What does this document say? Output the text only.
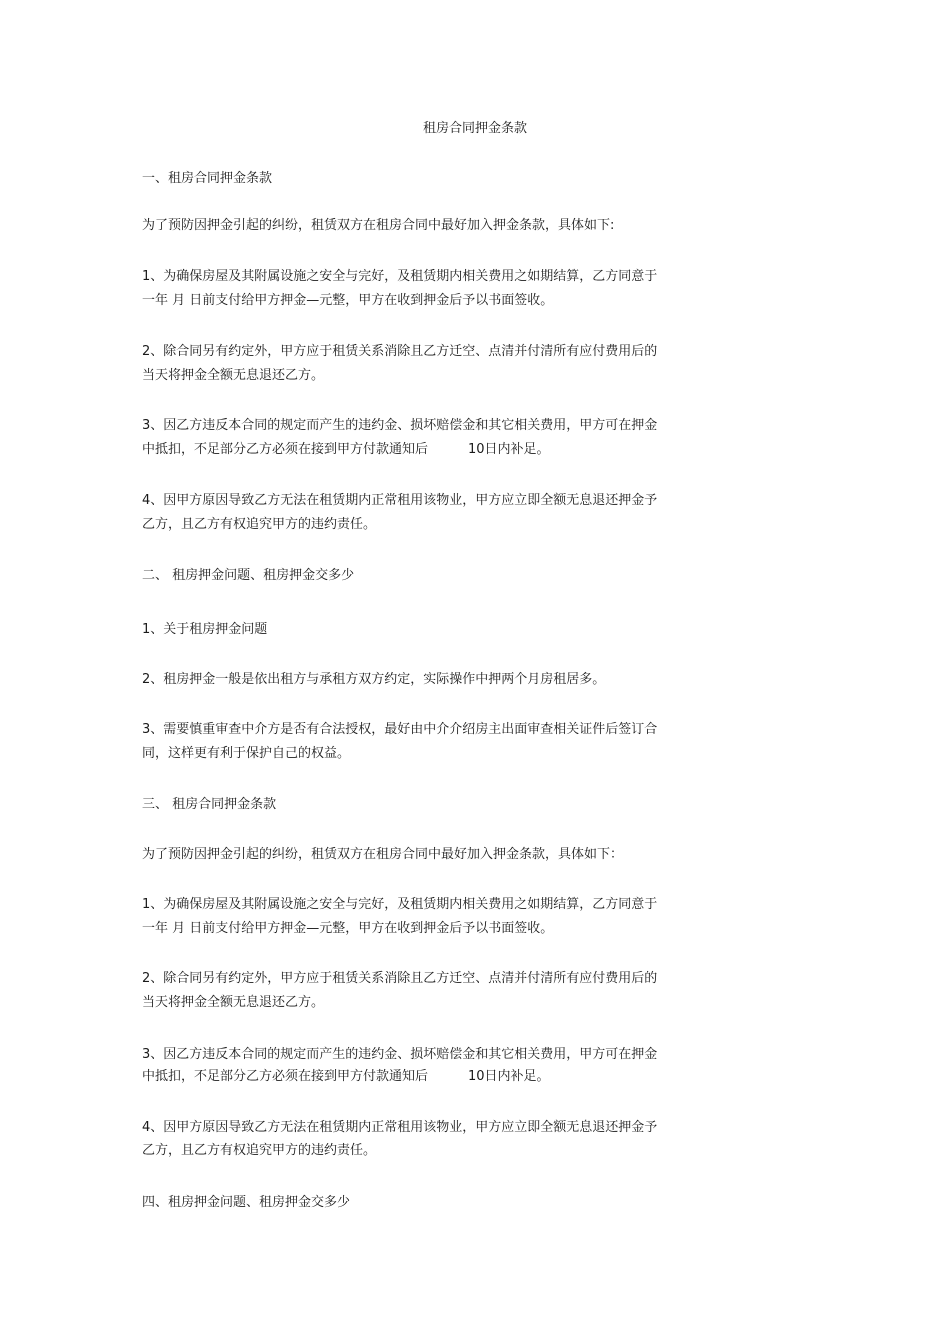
租房合同押金条款
一、租房合同押金条款
为了预防因押金引起的纠纷，租赁双方在租房合同中最好加入押金条款，具体如下:
1、为确保房屋及其附属设施之安全与完好，及租赁期内相关费用之如期结算，乙方同意于
一年 月 日前支付给甲方押金—元整，甲方在收到押金后予以书面签收。
2、除合同另有约定外，甲方应于租赁关系消除且乙方迁空、点清并付清所有应付费用后的
当天将押金全额无息退还乙方。
3、因乙方违反本合同的规定而产生的违约金、损坏赔偿金和其它相关费用，甲方可在押金
中抵扣，不足部分乙方必须在接到甲方付款通知后	10日内补足。
4、因甲方原因导致乙方无法在租赁期内正常租用该物业，甲方应立即全额无息退还押金予
乙方，且乙方有权追究甲方的违约责任。
二、 租房押金问题、租房押金交多少
1、关于租房押金问题
2、租房押金一般是依出租方与承租方双方约定，实际操作中押两个月房租居多。
3、需要慎重审查中介方是否有合法授权，最好由中介介绍房主出面审查相关证件后签订合
同，这样更有利于保护自己的权益。
三、 租房合同押金条款
为了预防因押金引起的纠纷，租赁双方在租房合同中最好加入押金条款，具体如下：
1、为确保房屋及其附属设施之安全与完好，及租赁期内相关费用之如期结算，乙方同意于
一年 月 日前支付给甲方押金—元整，甲方在收到押金后予以书面签收。
2、除合同另有约定外，甲方应于租赁关系消除且乙方迁空、点清并付清所有应付费用后的
当天将押金全额无息退还乙方。
3、因乙方违反本合同的规定而产生的违约金、损坏赔偿金和其它相关费用，甲方可在押金
中抵扣，不足部分乙方必须在接到甲方付款通知后	10日内补足。
4、因甲方原因导致乙方无法在租赁期内正常租用该物业，甲方应立即全额无息退还押金予
乙方，且乙方有权追究甲方的违约责任。
四、租房押金问题、租房押金交多少
